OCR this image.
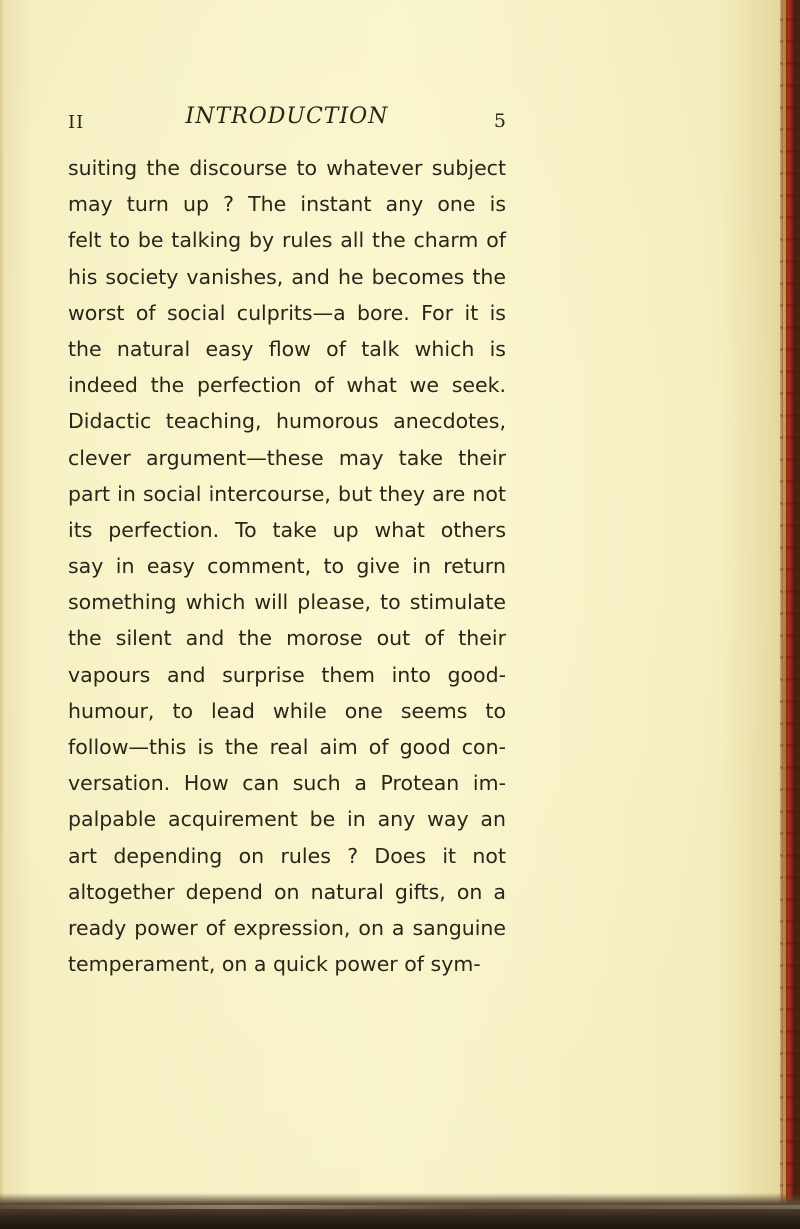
II	INTRODUCTION	5
suiting the discourse to whatever subject
may turn up ? The instant any one is
felt to be talking by rules all the charm of
his society vanishes, and he becomes the
worst of social culprits—a bore. For it is
the natural easy flow of talk which is
indeed the perfection of what we seek.
Didactic teaching, humorous anecdotes,
clever argument—these may take their
part in social intercourse, but they are not
its perfection. To take up what others
say in easy comment, to give in return
something which will please, to stimulate
the silent and the morose out of their
vapours and surprise them into good-
humour, to lead while one seems to
follow—this is the real aim of good con-
versation. How can such a Protean im-
palpable acquirement be in any way an
art depending on rules ? Does it not
altogether depend on natural gifts, on a
ready power of expression, on a sanguine
temperament, on a quick power of sym-
